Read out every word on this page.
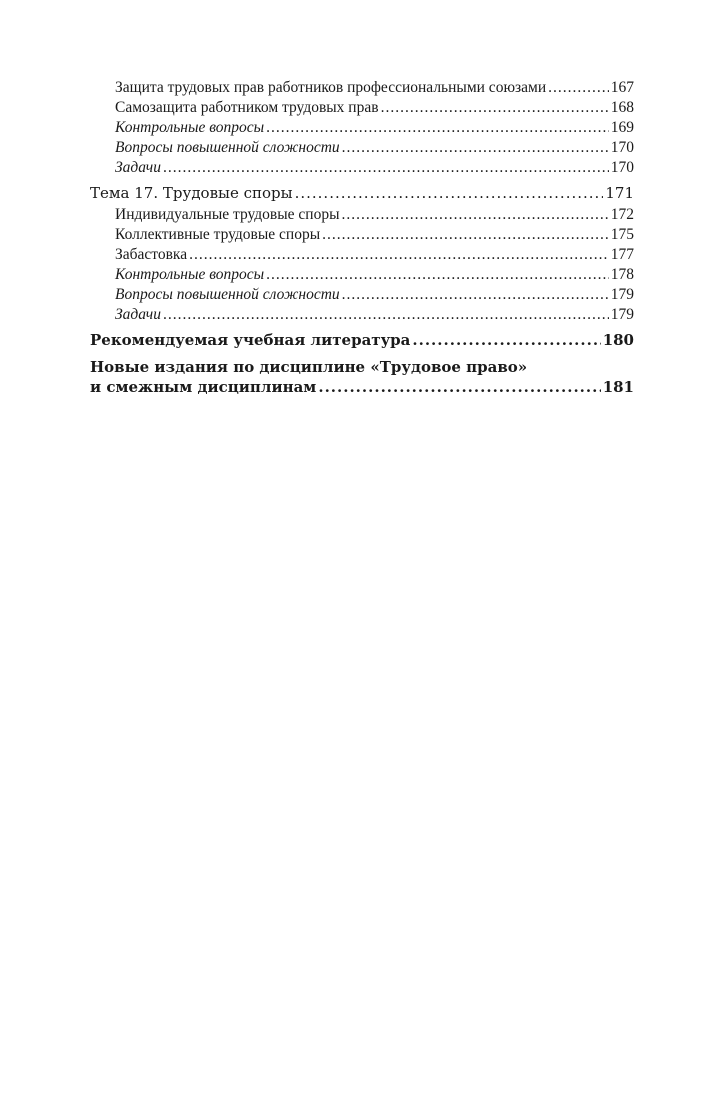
Защита трудовых прав работников профессиональными союзами .....	167
Самозащита работником трудовых прав .....	168
Контрольные вопросы .....	169
Вопросы повышенной сложности .....	170
Задачи .....	170
Тема 17. Трудовые споры .....	171
Индивидуальные трудовые споры .....	172
Коллективные трудовые споры .....	175
Забастовка .....	177
Контрольные вопросы .....	178
Вопросы повышенной сложности .....	179
Задачи .....	179
Рекомендуемая учебная литература .....	180
Новые издания по дисциплине «Трудовое право»
и смежным дисциплинам .....	181
